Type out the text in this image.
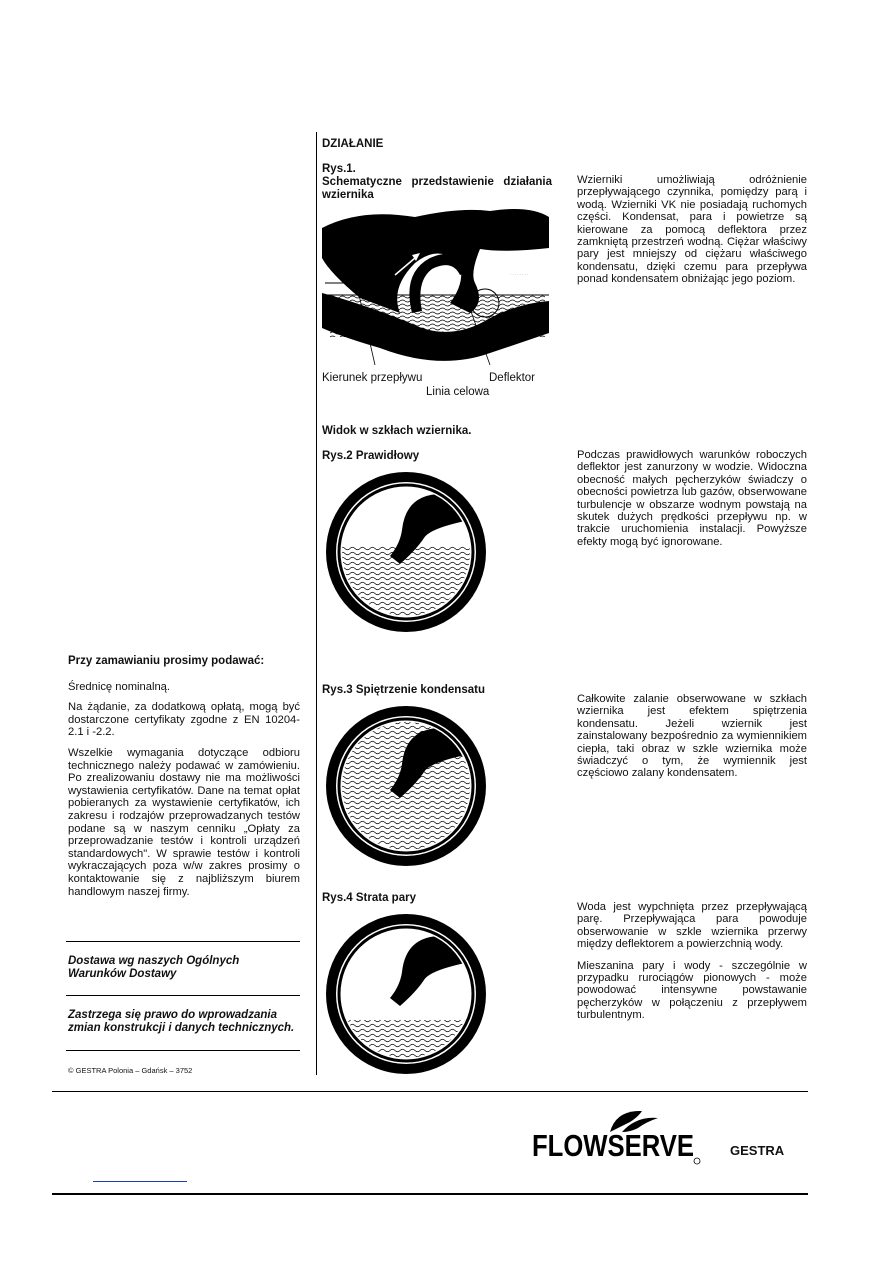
DZIAŁANIE
Rys.1.
Schematyczne przedstawienie działania wziernika
· · · · · · · ·
Kierunek przepływu	Deflektor
Linia celowa

Wzierniki umożliwiają odróżnienie przepływającego czynnika, pomiędzy parą i wodą. Wzierniki VK nie posiadają ruchomych części. Kondensat, para i powietrze są kierowane za pomocą deflektora przez zamkniętą przestrzeń wodną. Ciężar właściwy pary jest mniejszy od ciężaru właściwego kondensatu, dzięki czemu para przepływa ponad kondensatem obniżając jego poziom.

Widok w szkłach wziernika.
Rys.2 Prawidłowy	Podczas prawidłowych warunków roboczych deflektor jest zanurzony w wodzie. Widoczna obecność małych pęcherzyków świadczy o obecności powietrza lub gazów, obserwowane turbulencje w obszarze wodnym powstają na skutek dużych prędkości przepływu np. w trakcie uruchomienia instalacji. Powyższe efekty mogą być ignorowane.

Rys.3 Spiętrzenie kondensatu

Całkowite zalanie obserwowane w szkłach wziernika jest efektem spiętrzenia kondensatu. Jeżeli wziernik jest zainstalowany bezpośrednio za wymiennikiem ciepła, taki obraz w szkle wziernika może świadczyć o tym, że wymiennik jest częściowo zalany kondensatem.

Rys.4 Strata pary

Woda jest wypchnięta przez przepływającą parę. Przepływająca para powoduje obserwowanie w szkle wziernika przerwy między deflektorem a powierzchnią wody.

Mieszanina pary i wody - szczególnie w przypadku rurociągów pionowych - może powodować intensywne powstawanie pęcherzyków w połączeniu z przepływem turbulentnym.

Przy zamawianiu prosimy podawać:

Średnicę nominalną.

Na żądanie, za dodatkową opłatą, mogą być dostarczone certyfikaty zgodne z EN 10204-2.1 i -2.2.

Wszelkie wymagania dotyczące odbioru technicznego należy podawać w zamówieniu. Po zrealizowaniu dostawy nie ma możliwości wystawienia certyfikatów. Dane na temat opłat pobieranych za wystawienie certyfikatów, ich zakresu i rodzajów przeprowadzanych testów podane są w naszym cenniku „Opłaty za przeprowadzanie testów i kontroli urządzeń standardowych". W sprawie testów i kontroli wykraczających poza w/w zakres prosimy o kontaktowanie się z najbliższym biurem handlowym naszej firmy.

Dostawa wg naszych Ogólnych Warunków Dostawy
Zastrzega się prawo do wprowadzania zmian konstrukcji i danych technicznych.
© GESTRA Polonia – Gdańsk – 3752
FLOWSERVE	GESTRA
